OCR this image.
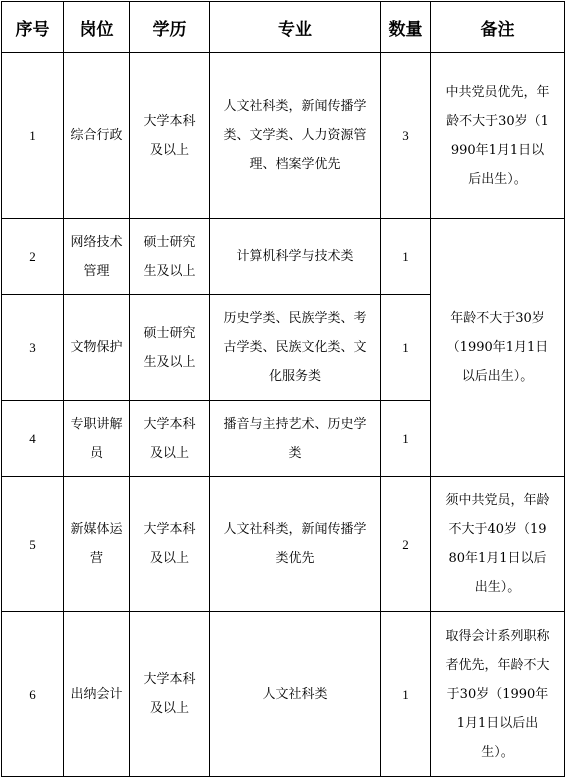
序号	岗位	学历	专业	数量	备注
1	综合行政	大学本科及以上	人文社科类，新闻传播学类、文学类、人力资源管理、档案学优先	3	中共党员优先，年龄不大于30岁（1990年1月1日以后出生）。

2	网络技术管理	硕士研究生及以上	计算机科学与技术类	1	年龄不大于30岁（1990年1月1日以后出生）。

3	文物保护	硕士研究生及以上	历史学类、民族学类、考古学类、民族文化类、文化服务类	1	
4	专职讲解员	大学本科及以上	播音与主持艺术、历史学类	1	
5	新媒体运营	大学本科及以上	人文社科类，新闻传播学类优先	2	须中共党员，年龄不大于40岁（1980年1月1日以后出生）。

6	出纳会计	大学本科及以上	人文社科类	1	取得会计系列职称者优先，年龄不大于30岁（1990年1月1日以后出生）。
